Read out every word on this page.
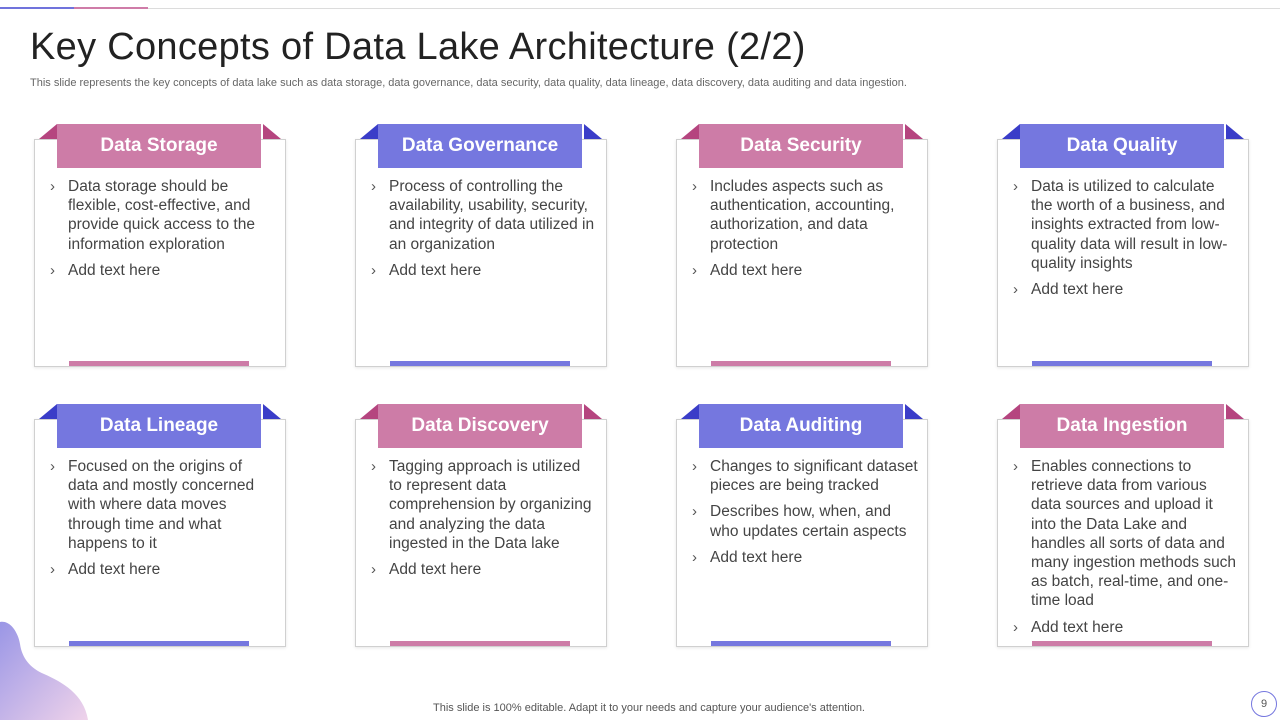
Key Concepts of Data Lake Architecture (2/2)

This slide represents the key concepts of data lake such as data storage, data governance, data security, data quality, data lineage, data discovery, data auditing and data ingestion.

Data Storage
› Data storage should be flexible, cost-effective, and provide quick access to the information exploration
› Add text here
Data Governance
› Process of controlling the availability, usability, security, and integrity of data utilized in an organization
› Add text here
Data Security
› Includes aspects such as authentication, accounting, authorization, and data protection
› Add text here
Data Quality
› Data is utilized to calculate the worth of a business, and insights extracted from low-quality data will result in low-quality insights
› Add text here
Data Lineage
› Focused on the origins of data and mostly concerned with where data moves through time and what happens to it
› Add text here
Data Discovery
› Tagging approach is utilized to represent data comprehension by organizing and analyzing the data ingested in the Data lake
› Add text here
Data Auditing
› Changes to significant dataset pieces are being tracked
› Describes how, when, and who updates certain aspects
› Add text here
Data Ingestion
› Enables connections to retrieve data from various data sources and upload it into the Data Lake and handles all sorts of data and many ingestion methods such as batch, real-time, and one-time load
› Add text here
This slide is 100% editable. Adapt it to your needs and capture your audience's attention.	9
